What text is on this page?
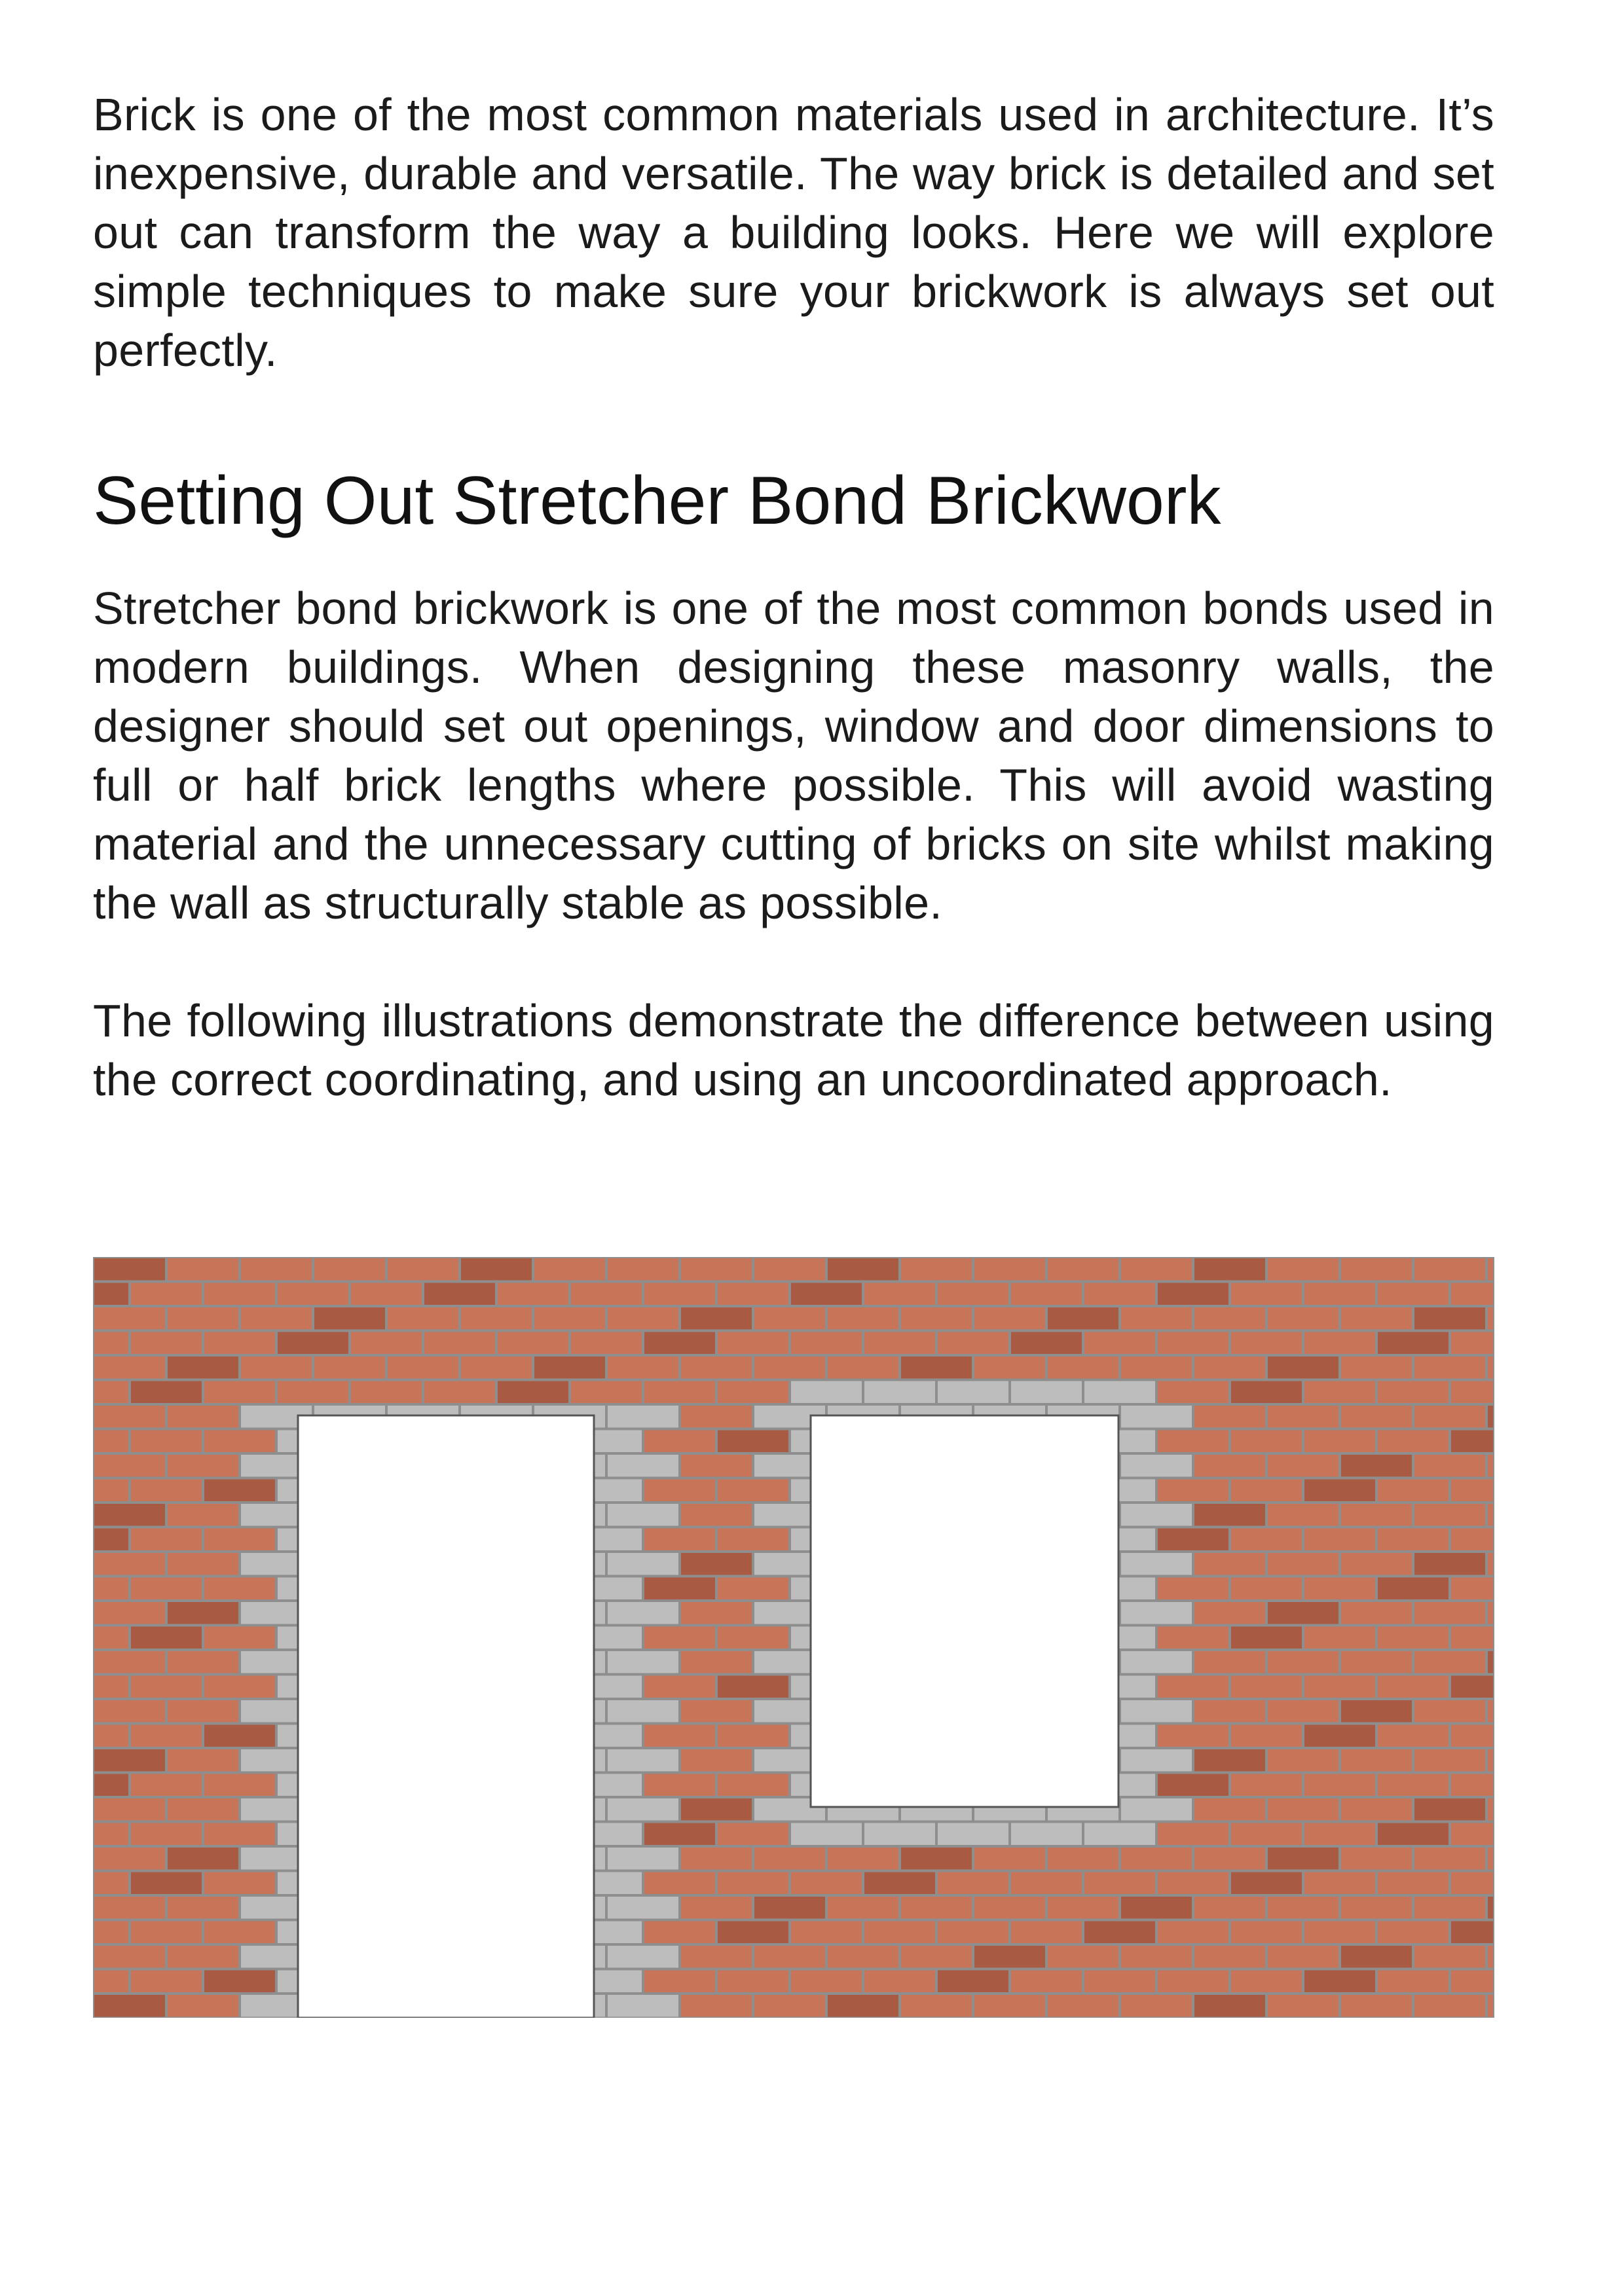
Brick is one of the most common materials used in architecture. It’s inexpensive, durable and versatile. The way brick is detailed and set out can transform the way a building looks. Here we will explore simple techniques to make sure your brickwork is always set out perfectly.

Setting Out Stretcher Bond Brickwork

Stretcher bond brickwork is one of the most common bonds used in modern buildings. When designing these masonry walls, the designer should set out openings, window and door dimensions to full or half brick lengths where possible. This will avoid wasting material and the unnecessary cutting of bricks on site whilst making the wall as structurally stable as possible.

The following illustrations demonstrate the difference between using the correct coordinating, and using an uncoordinated approach.
